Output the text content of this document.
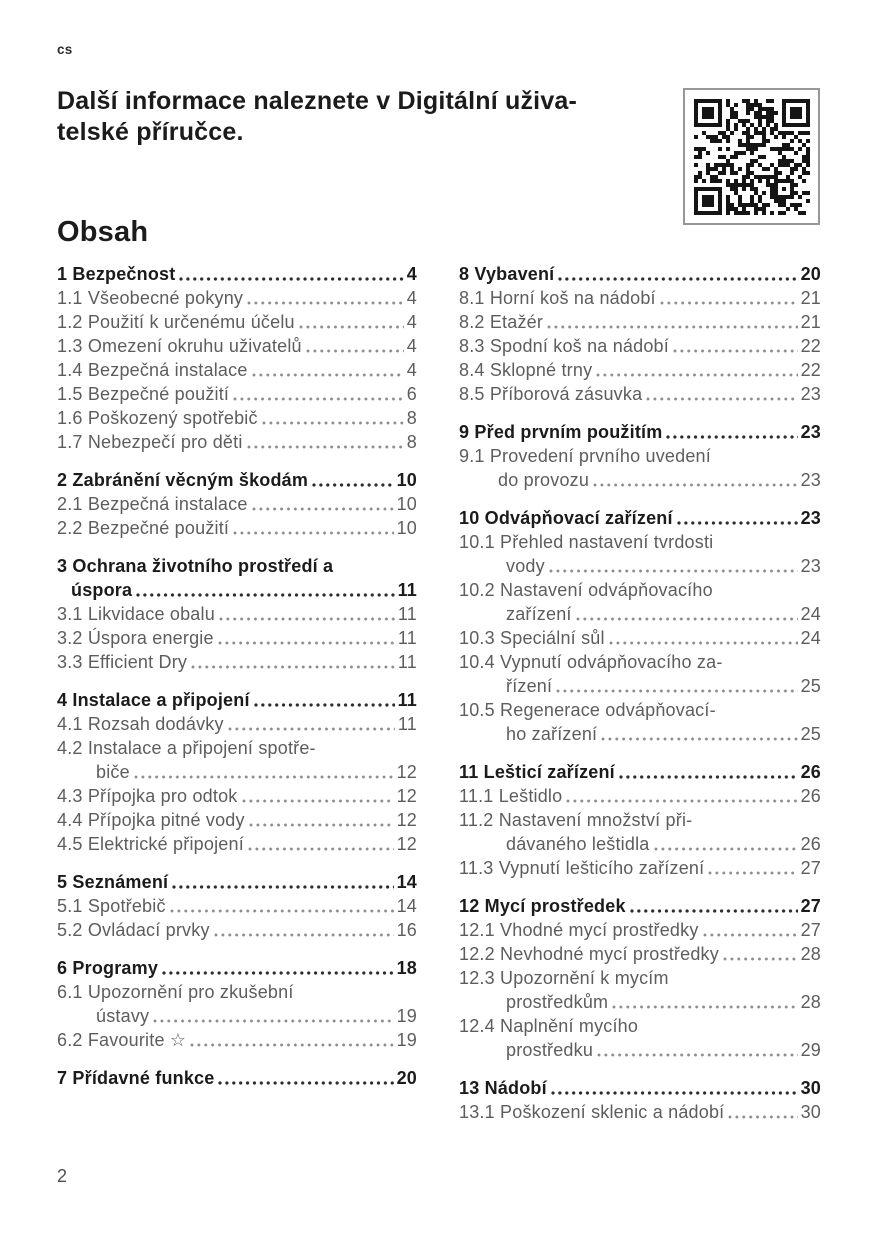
cs
Další informace naleznete v Digitální uživa-
telské příručce.
Obsah
1 Bezpečnost	4
1.1 Všeobecné pokyny	4
1.2 Použití k určenému účelu	4
1.3 Omezení okruhu uživatelů	4
1.4 Bezpečná instalace	4
1.5 Bezpečné použití	6
1.6 Poškozený spotřebič	8
1.7 Nebezpečí pro děti	8
2 Zabránění věcným škodám	10
2.1 Bezpečná instalace	10
2.2 Bezpečné použití	10
3 Ochrana životního prostředí a
úspora	11
3.1 Likvidace obalu	11
3.2 Úspora energie	11
3.3 Efficient Dry	11
4 Instalace a připojení	11
4.1 Rozsah dodávky	11
4.2 Instalace a připojení spotře-
biče	12
4.3 Přípojka pro odtok	12
4.4 Přípojka pitné vody	12
4.5 Elektrické připojení	12
5 Seznámení	14
5.1 Spotřebič	14
5.2 Ovládací prvky	16
6 Programy	18
6.1 Upozornění pro zkušební
ústavy	19
6.2 Favourite ☆	19
7 Přídavné funkce	20
8 Vybavení	20
8.1 Horní koš na nádobí	21
8.2 Etažér	21
8.3 Spodní koš na nádobí	22
8.4 Sklopné trny	22
8.5 Příborová zásuvka	23
9 Před prvním použitím	23
9.1 Provedení prvního uvedení
do provozu	23
10 Odvápňovací zařízení	23
10.1 Přehled nastavení tvrdosti
vody	23
10.2 Nastavení odvápňovacího
zařízení	24
10.3 Speciální sůl	24
10.4 Vypnutí odvápňovacího za-
řízení	25
10.5 Regenerace odvápňovací-
ho zařízení	25
11 Lešticí zařízení	26
11.1 Leštidlo	26
11.2 Nastavení množství při-
dávaného leštidla	26
11.3 Vypnutí lešticího zařízení	27
12 Mycí prostředek	27
12.1 Vhodné mycí prostředky	27
12.2 Nevhodné mycí prostředky	28
12.3 Upozornění k mycím
prostředkům	28
12.4 Naplnění mycího
prostředku	29
13 Nádobí	30
13.1 Poškození sklenic a nádobí	30
2
